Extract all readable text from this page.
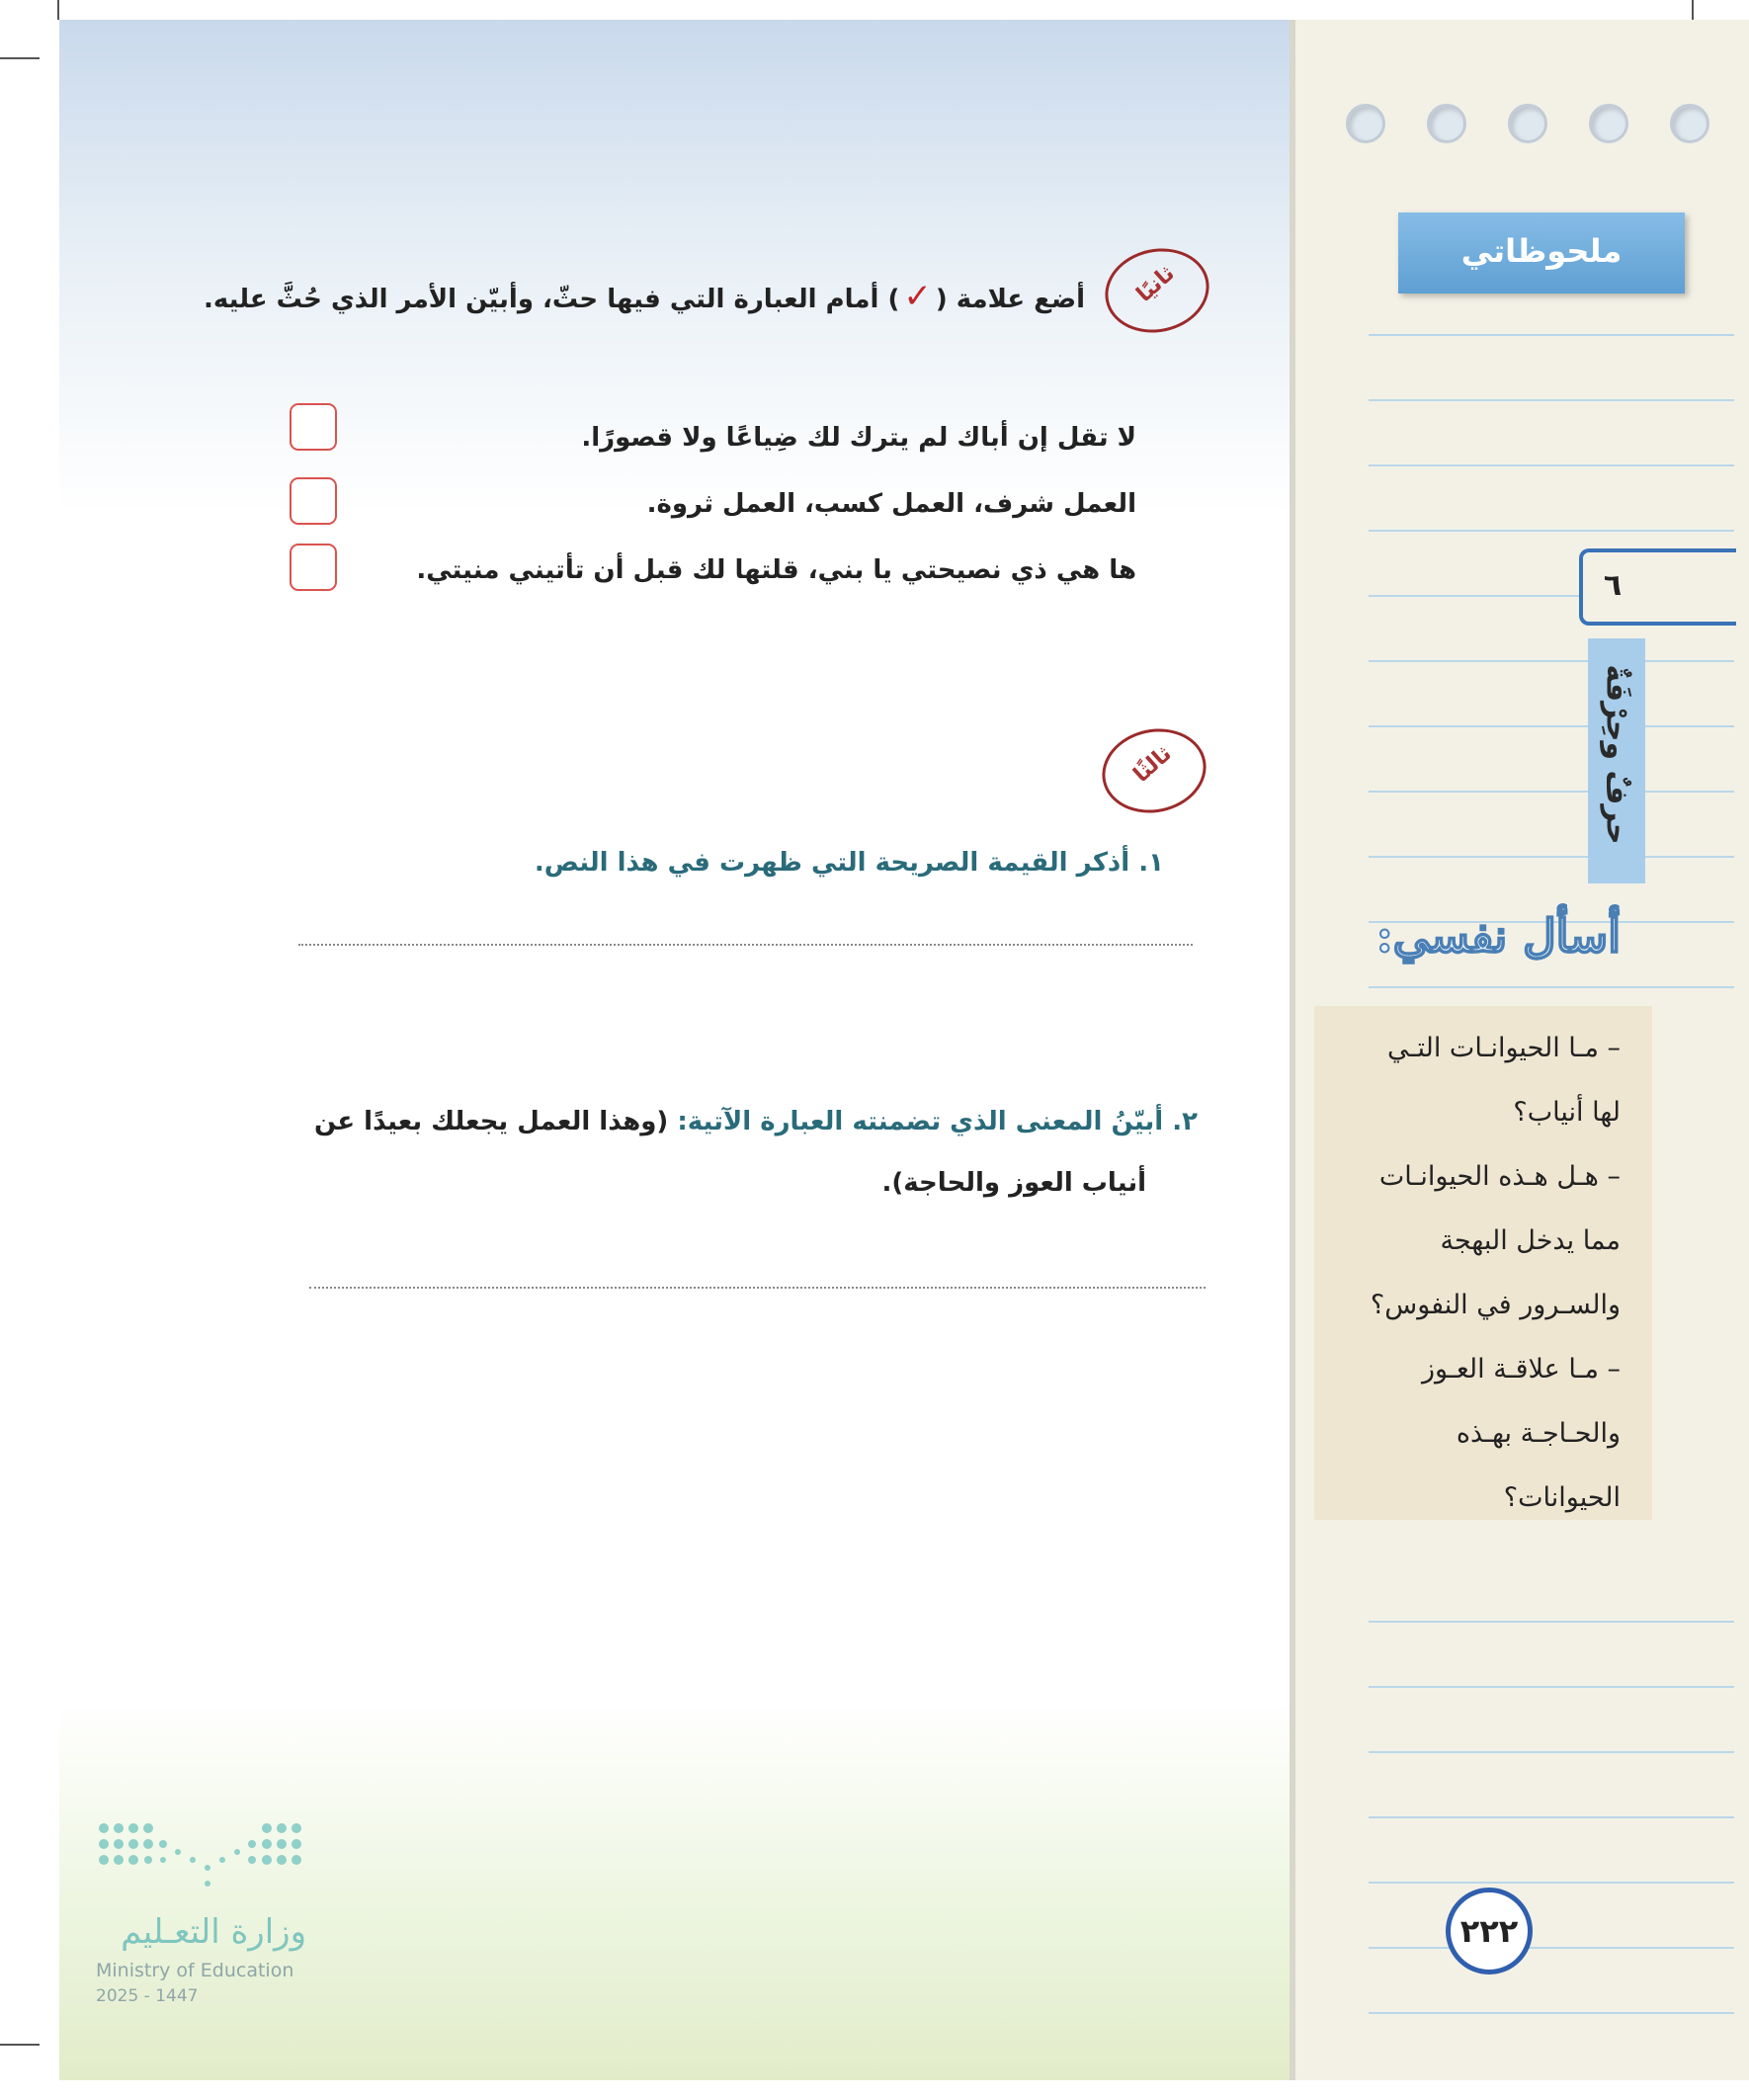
ملحوظاتي
٦
حرفٌ وحِرْفَةٌ
أسأل نفسي:
– مـا الحيوانـات التـي
لها أنياب؟
– هـل هـذه الحيوانـات
مما يدخل البهجة
والسـرور في النفوس؟
– مـا علاقـة العـوز
والحـاجـة بهـذه
الحيوانات؟
٢٢٢
ثانيًا
أضع علامة (✓) أمام العبارة التي فيها حثّ، وأبيّن الأمر الذي حُثَّ عليه.
لا تقل إن أباك لم يترك لك ضِياعًا ولا قصورًا.
العمل شرف، العمل كسب، العمل ثروة.
ها هي ذي نصيحتي يا بني، قلتها لك قبل أن تأتيني منيتي.
ثالثًا
١. أذكر القيمة الصريحة التي ظهرت في هذا النص.
٢. أبيّنُ المعنى الذي تضمنته العبارة الآتية: (وهذا العمل يجعلك بعيدًا عن
أنياب العوز والحاجة).
وزارة التعـليم
Ministry of Education
2025 - 1447
